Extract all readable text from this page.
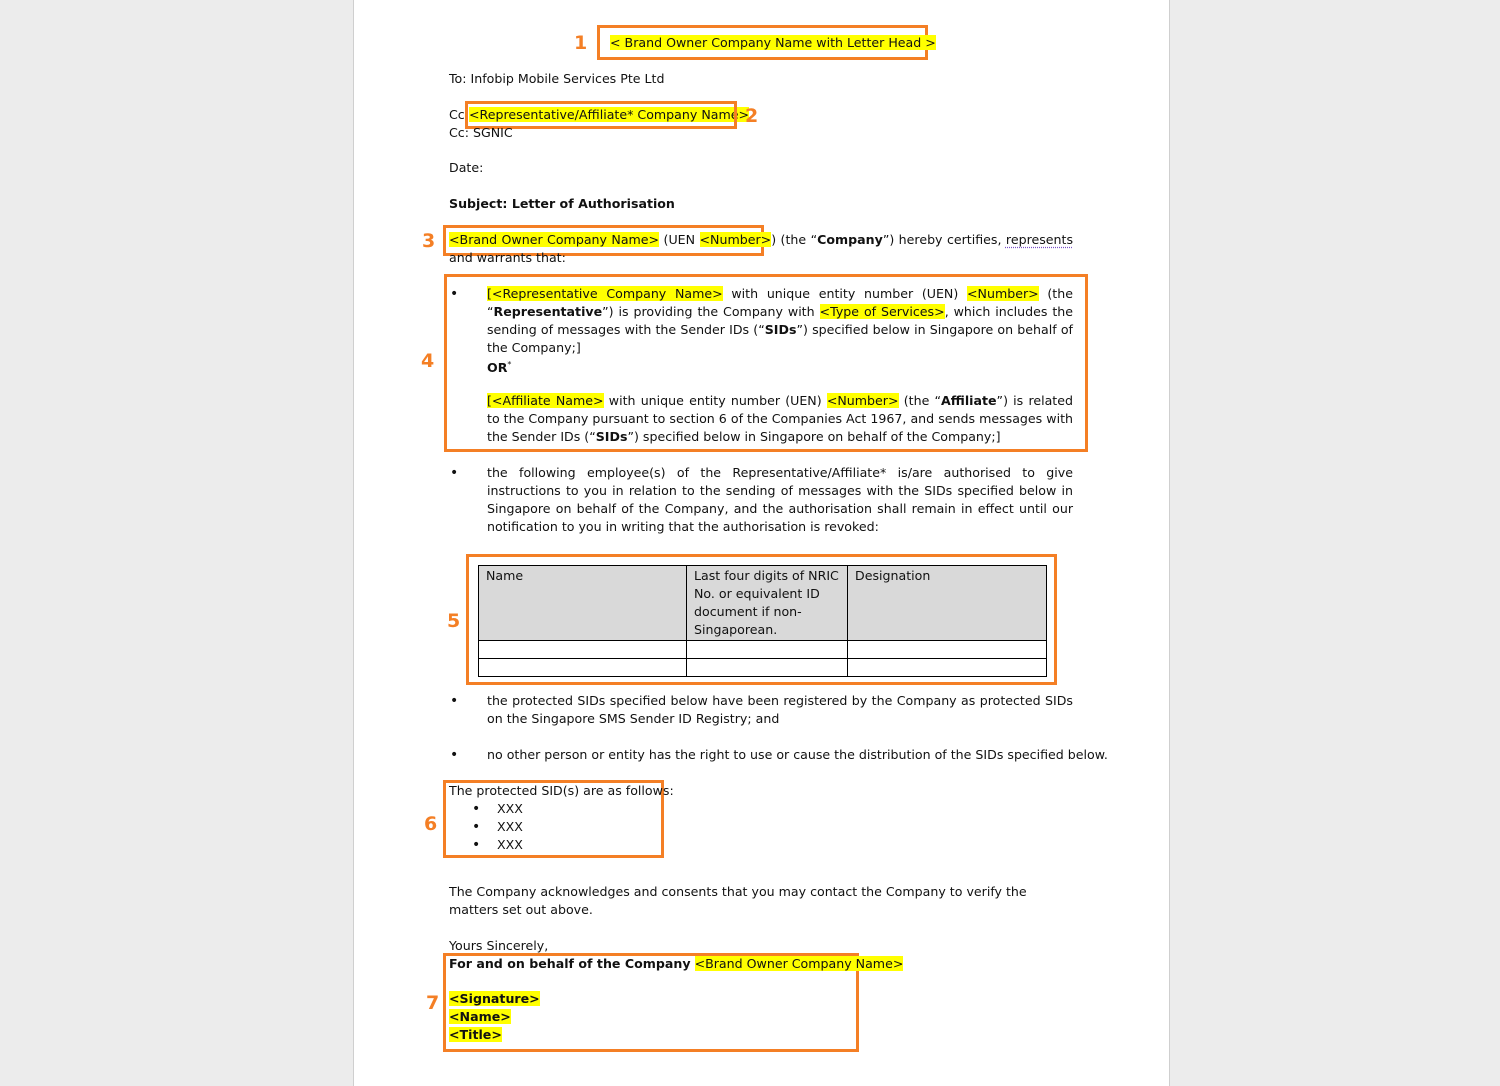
1 < Brand Owner Company Name with Letter Head >
To: Infobip Mobile Services Pte Ltd
Cc:<Representative/Affiliate* Company Name>
2
Cc: SGNIC
Date:
Subject: Letter of Authorisation
3 <Brand Owner Company Name> (UEN <Number>) (the “Company”) hereby certifies, represents and warrants that:

4
• [<Representative Company Name> with unique entity number (UEN) <Number> (the “Representative”) is providing the Company with <Type of Services>, which includes the sending of messages with the Sender IDs (“SIDs”) specified below in Singapore on behalf of the Company;]

OR*

[<Affiliate Name> with unique entity number (UEN) <Number> (the “Affiliate”) is related to the Company pursuant to section 6 of the Companies Act 1967, and sends messages with the Sender IDs (“SIDs”) specified below in Singapore on behalf of the Company;]

• the following employee(s) of the Representative/Affiliate* is/are authorised to give instructions to you in relation to the sending of messages with the SIDs specified below in Singapore on behalf of the Company, and the authorisation shall remain in effect until our notification to you in writing that the authorisation is revoked:

5
Name	Last four digits of NRIC No. or equivalent ID document if non-Singaporean.	Designation

• the protected SIDs specified below have been registered by the Company as protected SIDs on the Singapore SMS Sender ID Registry; and

• no other person or entity has the right to use or cause the distribution of the SIDs specified below.
6
The protected SID(s) are as follows:
• XXX
• XXX
• XXX

The Company acknowledges and consents that you may contact the Company to verify the matters set out above.

Yours Sincerely,
7
For and on behalf of the Company <Brand Owner Company Name>
<Signature>
<Name>
<Title>
